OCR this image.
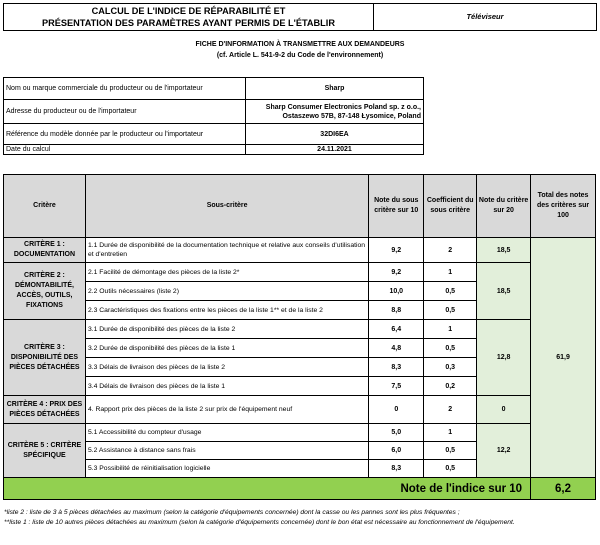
CALCUL DE L'INDICE DE RÉPARABILITÉ ET
PRÉSENTATION DES PARAMÈTRES AYANT PERMIS DE L'ÉTABLIR
Téléviseur
FICHE D'INFORMATION À TRANSMETTRE AUX DEMANDEURS
(cf. Article L. 541-9-2 du Code de l'environnement)
Nom ou marque commerciale du producteur ou de l'importateur	Sharp	
Adresse du producteur ou de l'importateur	Sharp Consumer Electronics Poland sp. z o.o.,
Ostaszewo 57B, 87-148 Łysomice, Poland	

Référence du modèle donnée par le producteur ou l'importateur	32DI6EA	
Date du calcul	24.11.2021	
Critère	Sous-critère	Note du sous critère sur 10	Coefficient du sous critère	Note du critère sur 20	Total des notes des critères sur 100
CRITÈRE 1 : DOCUMENTATION	1.1 Durée de disponibilité de la documentation technique et relative aux conseils d'utilisation et d'entretien	9,2	2	18,5	61,9
CRITÈRE 2 : DÉMONTABILITÉ, ACCÈS, OUTILS, FIXATIONS	2.1 Facilité de démontage des pièces de la liste 2*	9,2	1	18,5	
	2.2 Outils nécessaires (liste 2)	10,0	0,5		
	2.3 Caractéristiques des fixations entre les pièces de la liste 1** et de la liste 2	8,8	0,5		
CRITÈRE 3 : DISPONIBILITÉ DES PIÈCES DÉTACHÉES	3.1 Durée de disponibilité des pièces de la liste 2	6,4	1	12,8	
	3.2 Durée de disponibilité des pièces de la liste 1	4,8	0,5		
	3.3 Délais de livraison des pièces de la liste 2	8,3	0,3		
	3.4 Délais de livraison des pièces de la liste 1	7,5	0,2		
CRITÈRE 4 : PRIX DES PIÈCES DÉTACHÉES	4. Rapport prix des pièces de la liste 2 sur prix de l'équipement neuf	0	2	0	
CRITÈRE 5 : CRITÈRE SPÉCIFIQUE	5.1 Accessibilité du compteur d'usage	5,0	1	12,2	
	5.2 Assistance à distance sans frais	6,0	0,5		
	5.3 Possibilité de réinitialisation logicielle	8,3	0,5		
Note de l'indice sur 10					6,2
*liste 2 : liste de 3 à 5 pièces détachées au maximum (selon la catégorie d'équipements concernée) dont la casse ou les pannes sont les plus fréquentes ;
**liste 1 : liste de 10 autres pièces détachées au maximum (selon la catégorie d'équipements concernée) dont le bon état est nécessaire au fonctionnement de l'équipement.
